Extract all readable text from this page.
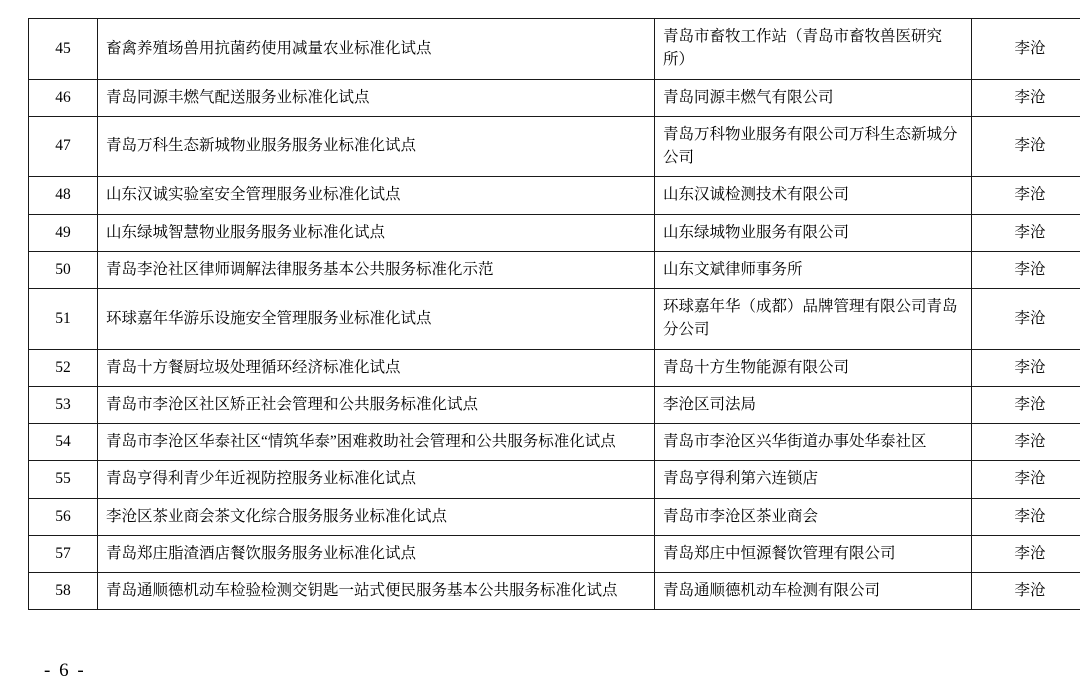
45	畜禽养殖场兽用抗菌药使用减量农业标准化试点	青岛市畜牧工作站（青岛市畜牧兽医研究所）	李沧
46	青岛同源丰燃气配送服务业标准化试点	青岛同源丰燃气有限公司	李沧
47	青岛万科生态新城物业服务服务业标准化试点	青岛万科物业服务有限公司万科生态新城分公司	李沧
48	山东汉诚实验室安全管理服务业标准化试点	山东汉诚检测技术有限公司	李沧
49	山东绿城智慧物业服务服务业标准化试点	山东绿城物业服务有限公司	李沧
50	青岛李沧社区律师调解法律服务基本公共服务标准化示范	山东文斌律师事务所	李沧
51	环球嘉年华游乐设施安全管理服务业标准化试点	环球嘉年华（成都）品牌管理有限公司青岛分公司	李沧
52	青岛十方餐厨垃圾处理循环经济标准化试点	青岛十方生物能源有限公司	李沧
53	青岛市李沧区社区矫正社会管理和公共服务标准化试点	李沧区司法局	李沧
54	青岛市李沧区华泰社区“情筑华泰”困难救助社会管理和公共服务标准化试点	青岛市李沧区兴华街道办事处华泰社区	李沧
55	青岛亨得利青少年近视防控服务业标准化试点	青岛亨得利第六连锁店	李沧
56	李沧区茶业商会茶文化综合服务服务业标准化试点	青岛市李沧区茶业商会	李沧
57	青岛郑庄脂渣酒店餐饮服务服务业标准化试点	青岛郑庄中恒源餐饮管理有限公司	李沧
58	青岛通顺德机动车检验检测交钥匙一站式便民服务基本公共服务标准化试点	青岛通顺德机动车检测有限公司	李沧
- 6 -
